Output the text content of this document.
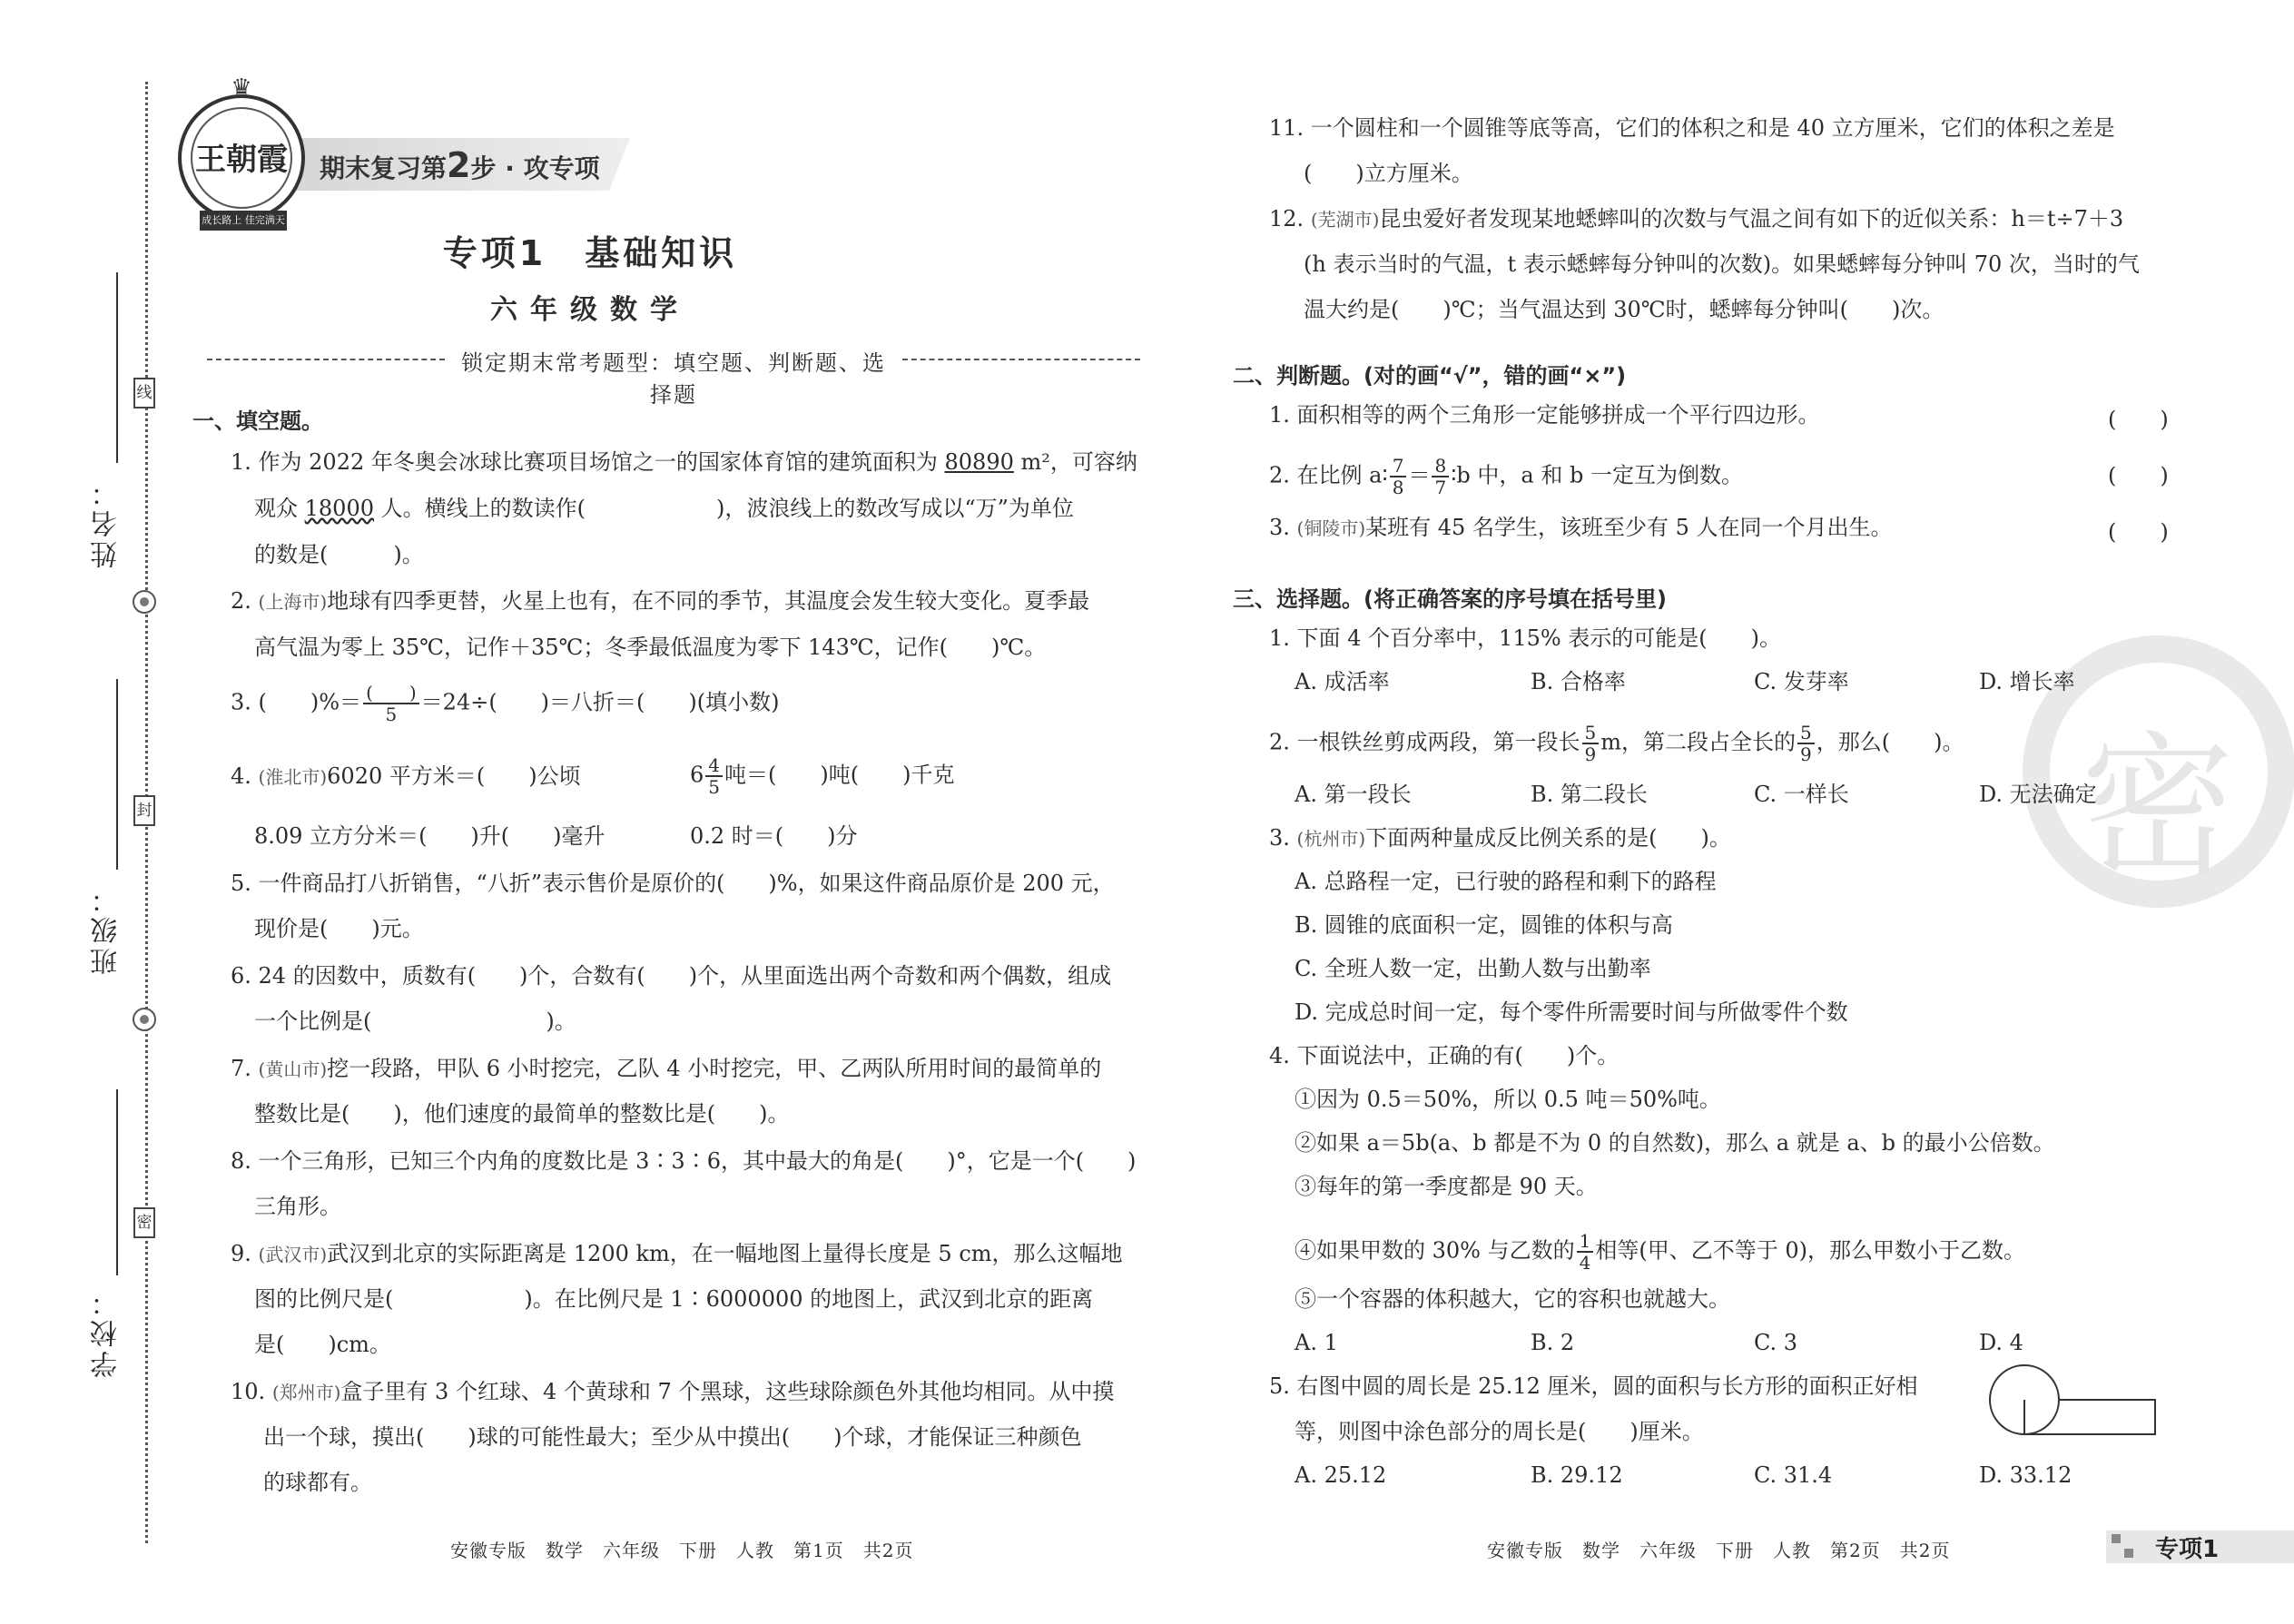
线
封
密
姓名：
班级：
学校：
期末复习第2步 · 攻专项
♛
王朝霞
成长路上 佳完满天
专项1　基础知识
六年级数学
锁定期末常考题型：填空题、判断题、选择题
一、填空题。
1. 作为 2022 年冬奥会冰球比赛项目场馆之一的国家体育馆的建筑面积为 80890 m²，可容纳
观众 18000 人。横线上的数读作(　　　　　　)，波浪线上的数改写成以“万”为单位
的数是(　　　)。
2. (上海市)地球有四季更替，火星上也有，在不同的季节，其温度会发生较大变化。夏季最
高气温为零上 35℃，记作＋35℃；冬季最低温度为零下 143℃，记作(　　)℃。
3. (　　)%＝ (　　)
5	＝24÷(　　)＝八折＝(　　)(填小数)
4. (淮北市)6020 平方米＝(　　)公顷	$6 \frac{4}{5}$ 吨＝(　　)吨(　　)千克
8.09 立方分米＝(　　)升(　　)毫升	0.2 时＝(　　)分
5. 一件商品打八折销售，“八折”表示售价是原价的(　　)%，如果这件商品原价是 200 元，
现价是(　　)元。
6. 24 的因数中，质数有(　　)个，合数有(　　)个，从里面选出两个奇数和两个偶数，组成
一个比例是(　　　　　　　　)。
7. (黄山市)挖一段路，甲队 6 小时挖完，乙队 4 小时挖完，甲、乙两队所用时间的最简单的
整数比是(　　)，他们速度的最简单的整数比是(　　)。
8. 一个三角形，已知三个内角的度数比是 3∶3∶6，其中最大的角是(　　)°，它是一个(　　)
三角形。
9. (武汉市)武汉到北京的实际距离是 1200 km，在一幅地图上量得长度是 5 cm，那么这幅地
图的比例尺是(　　　　　　)。在比例尺是 1∶6000000 的地图上，武汉到北京的距离
是(　　)cm。
10. (郑州市)盒子里有 3 个红球、4 个黄球和 7 个黑球，这些球除颜色外其他均相同。从中摸
出一个球，摸出(　　)球的可能性最大；至少从中摸出(　　)个球，才能保证三种颜色
的球都有。
安徽专版　数学　六年级　下册　人教　第1页　共2页
密
11. 一个圆柱和一个圆锥等底等高，它们的体积之和是 40 立方厘米，它们的体积之差是
(　　)立方厘米。
12. (芜湖市)昆虫爱好者发现某地蟋蟀叫的次数与气温之间有如下的近似关系：h＝t÷7＋3
(h 表示当时的气温，t 表示蟋蟀每分钟叫的次数)。如果蟋蟀每分钟叫 70 次，当时的气
温大约是(　　)℃；当气温达到 30℃时，蟋蟀每分钟叫(　　)次。
二、判断题。(对的画“√”，错的画“×”)
1. 面积相等的两个三角形一定能够拼成一个平行四边形。	(　　)
2. 在比例 a∶ $\frac{7}{8} = \frac{8}{7}$ ∶b 中，a 和 b 一定互为倒数。	(　　)
3. (铜陵市)某班有 45 名学生，该班至少有 5 人在同一个月出生。	(　　)
三、选择题。(将正确答案的序号填在括号里)
1. 下面 4 个百分率中，115% 表示的可能是(　　)。
A. 成活率	B. 合格率	C. 发芽率	D. 增长率
2. 一根铁丝剪成两段，第一段长 $\frac{5}{9}$ m，第二段占全长的 $\frac{5}{9}$ ，那么(　　)。
A. 第一段长	B. 第二段长	C. 一样长	D. 无法确定
3. (杭州市)下面两种量成反比例关系的是(　　)。
A. 总路程一定，已行驶的路程和剩下的路程
B. 圆锥的底面积一定，圆锥的体积与高
C. 全班人数一定，出勤人数与出勤率
D. 完成总时间一定，每个零件所需要时间与所做零件个数
4. 下面说法中，正确的有(　　)个。
①因为 0.5＝50%，所以 0.5 吨＝50%吨。
②如果 a＝5b(a、b 都是不为 0 的自然数)，那么 a 就是 a、b 的最小公倍数。
③每年的第一季度都是 90 天。
④如果甲数的 30% 与乙数的 $\frac{1}{4}$ 相等(甲、乙不等于 0)，那么甲数小于乙数。
⑤一个容器的体积越大，它的容积也就越大。
A. 1	B. 2	C. 3	D. 4
5. 右图中圆的周长是 25.12 厘米，圆的面积与长方形的面积正好相
等，则图中涂色部分的周长是(　　)厘米。
A. 25.12	B. 29.12	C. 31.4	D. 33.12
安徽专版　数学　六年级　下册　人教　第2页　共2页	专项1
